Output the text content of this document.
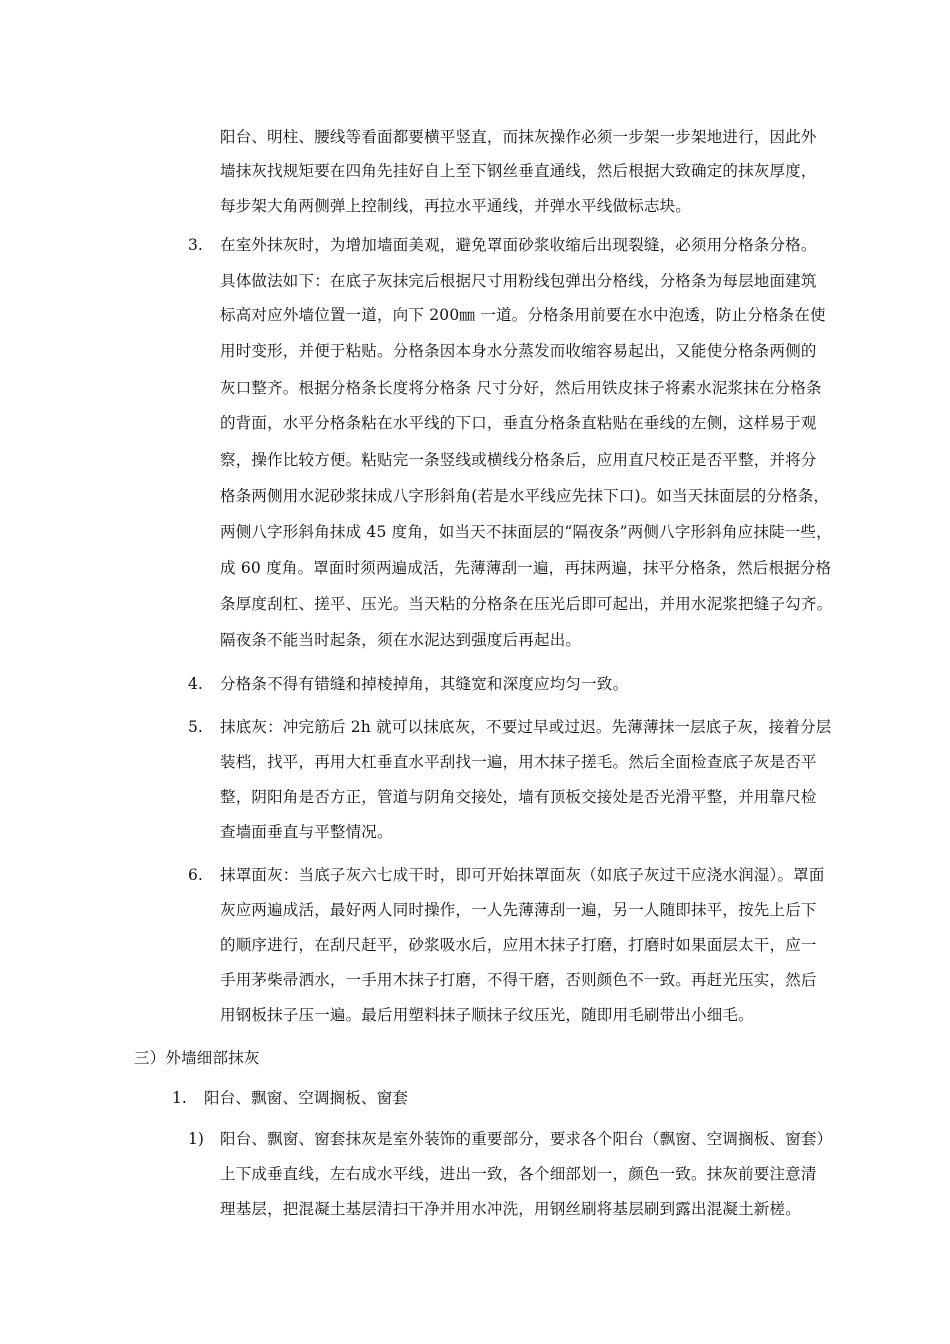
阳台、明柱、腰线等看面都要横平竖直，而抹灰操作必须一步架一步架地进行，因此外
墙抹灰找规矩要在四角先挂好自上至下钢丝垂直通线，然后根据大致确定的抹灰厚度，
每步架大角两侧弹上控制线，再拉水平通线，并弹水平线做标志块。
3. 在室外抹灰时，为增加墙面美观，避免罩面砂浆收缩后出现裂缝，必须用分格条分格。
具体做法如下：在底子灰抹完后根据尺寸用粉线包弹出分格线，分格条为每层地面建筑
标高对应外墙位置一道，向下 200㎜ 一道。分格条用前要在水中泡透，防止分格条在使
用时变形，并便于粘贴。分格条因本身水分蒸发而收缩容易起出，又能使分格条两侧的
灰口整齐。根据分格条长度将分格条 尺寸分好，然后用铁皮抹子将素水泥浆抹在分格条
的背面，水平分格条粘在水平线的下口，垂直分格条直粘贴在垂线的左侧，这样易于观
察，操作比较方便。粘贴完一条竖线或横线分格条后，应用直尺校正是否平整，并将分
格条两侧用水泥砂浆抹成八字形斜角(若是水平线应先抹下口)。如当天抹面层的分格条，
两侧八字形斜角抹成 45 度角，如当天不抹面层的“隔夜条”两侧八字形斜角应抹陡一些，
成 60 度角。罩面时须两遍成活，先薄薄刮一遍，再抹两遍，抹平分格条，然后根据分格
条厚度刮杠、搓平、压光。当天粘的分格条在压光后即可起出，并用水泥浆把缝子勾齐。
隔夜条不能当时起条，须在水泥达到强度后再起出。
4. 分格条不得有错缝和掉棱掉角，其缝宽和深度应均匀一致。
5. 抹底灰：冲完筋后 2h 就可以抹底灰，不要过早或过迟。先薄薄抹一层底子灰，接着分层
装档，找平，再用大杠垂直水平刮找一遍，用木抹子搓毛。然后全面检查底子灰是否平
整，阴阳角是否方正，管道与阴角交接处，墙有顶板交接处是否光滑平整，并用靠尺检
查墙面垂直与平整情况。
6. 抹罩面灰：当底子灰六七成干时，即可开始抹罩面灰（如底子灰过干应浇水润湿）。罩面
灰应两遍成活，最好两人同时操作，一人先薄薄刮一遍，另一人随即抹平，按先上后下
的顺序进行，在刮尺赶平，砂浆吸水后，应用木抹子打磨，打磨时如果面层太干，应一
手用茅柴帚洒水，一手用木抹子打磨，不得干磨，否则颜色不一致。再赶光压实，然后
用钢板抹子压一遍。最后用塑料抹子顺抹子纹压光，随即用毛刷带出小细毛。
三）外墙细部抹灰
1. 阳台、飘窗、空调搁板、窗套
1) 阳台、飘窗、窗套抹灰是室外装饰的重要部分，要求各个阳台（飘窗、空调搁板、窗套）
上下成垂直线，左右成水平线，进出一致，各个细部划一，颜色一致。抹灰前要注意清
理基层，把混凝土基层清扫干净并用水冲洗，用钢丝刷将基层刷到露出混凝土新槎。
